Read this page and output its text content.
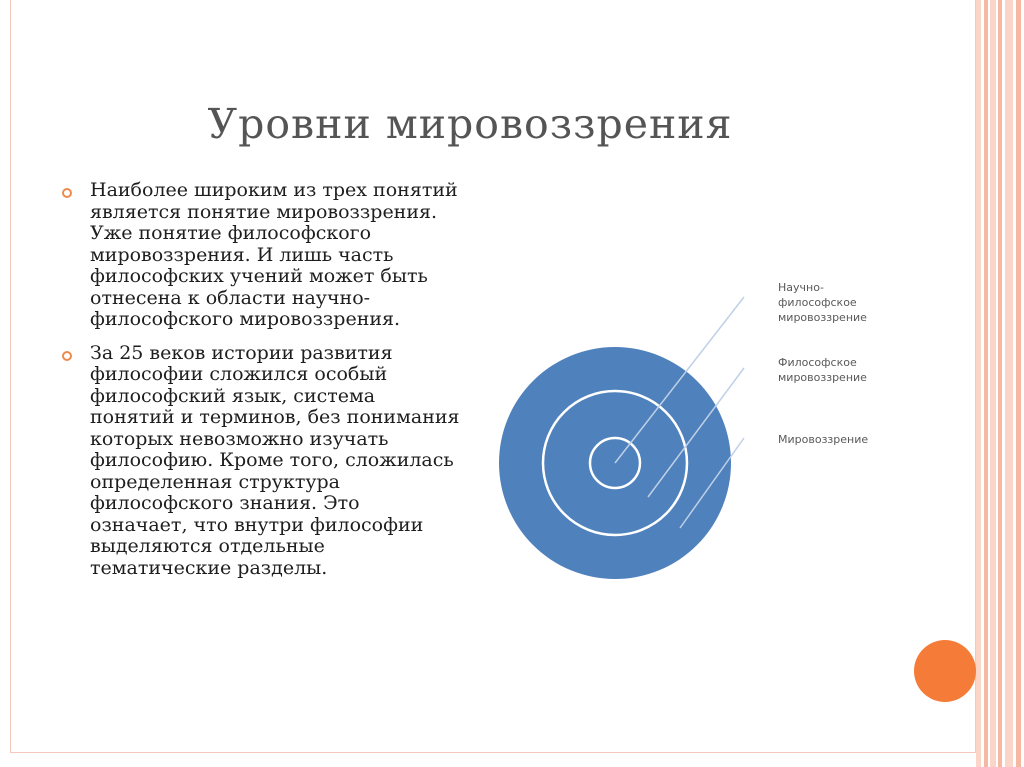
Уровни мировоззрения
Наиболее широким из трех понятий является понятие мировоззрения. Уже понятие философского мировоззрения. И лишь часть философских учений может быть отнесена к области научно-философского мировоззрения.
За 25 веков истории развития философии сложился особый философский язык, система понятий и терминов, без понимания которых невозможно изучать философию. Кроме того, сложилась определенная структура философского знания. Это означает, что внутри философии выделяются отдельные тематические разделы.
Научно-
философское
мировоззрение
Философское
мировоззрение
Мировоззрение
